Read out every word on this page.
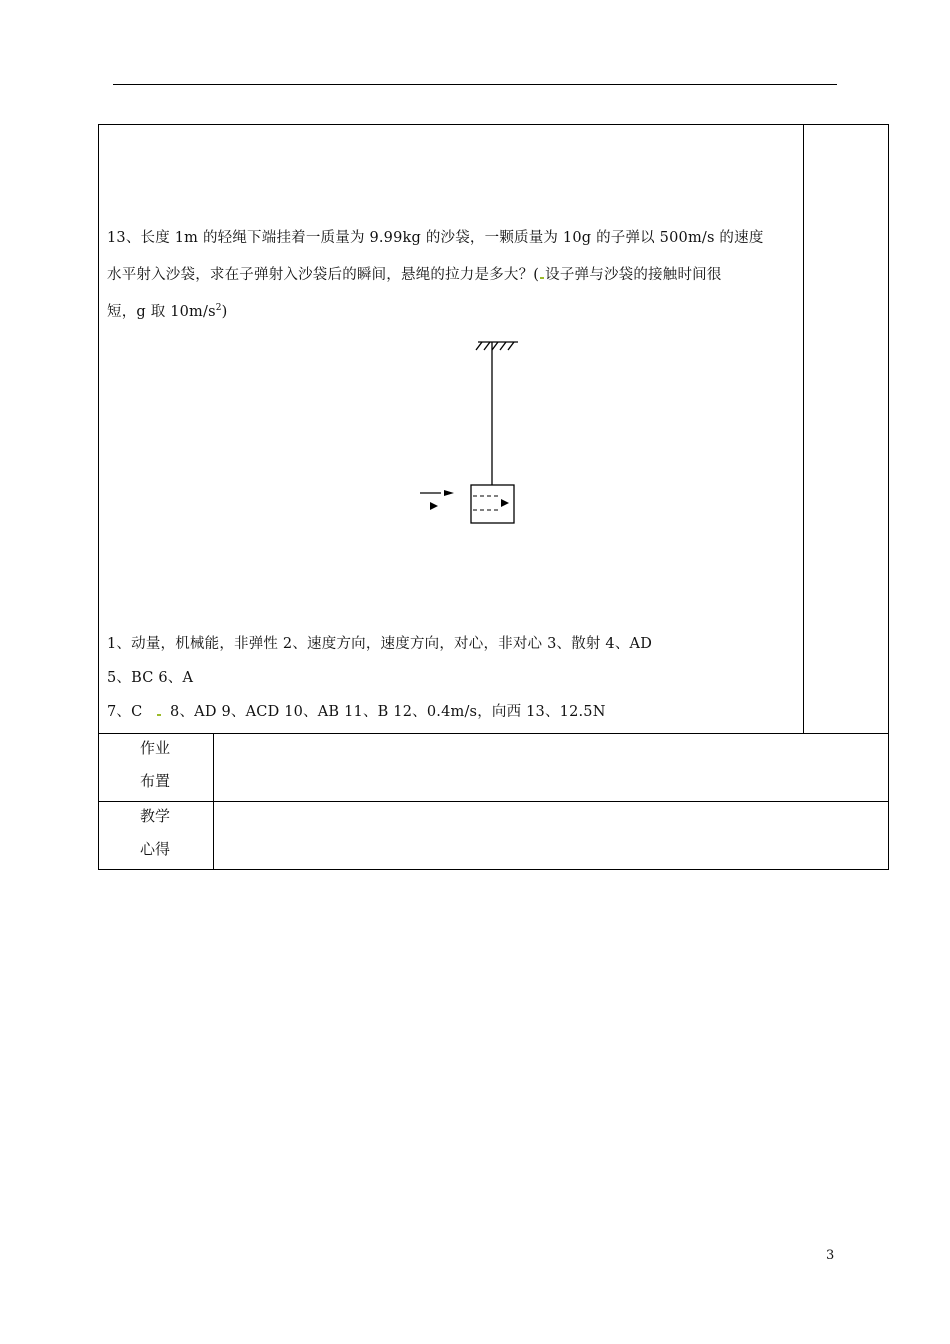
13、长度 1m 的轻绳下端挂着一质量为 9.99kg 的沙袋，一颗质量为 10g 的子弹以 500m/s 的速度
水平射入沙袋，求在子弹射入沙袋后的瞬间，悬绳的拉力是多大？( 设子弹与沙袋的接触时间很
短，g 取 $10m/s^2$)
1、动量，机械能，非弹性 2、速度方向，速度方向，对心，非对心 3、散射 4、AD
5、BC 6、A
7、C 8、AD 9、ACD 10、AB 11、B 12、0.4m/s，向西 13、12.5N
作业
布置
教学
心得
3
